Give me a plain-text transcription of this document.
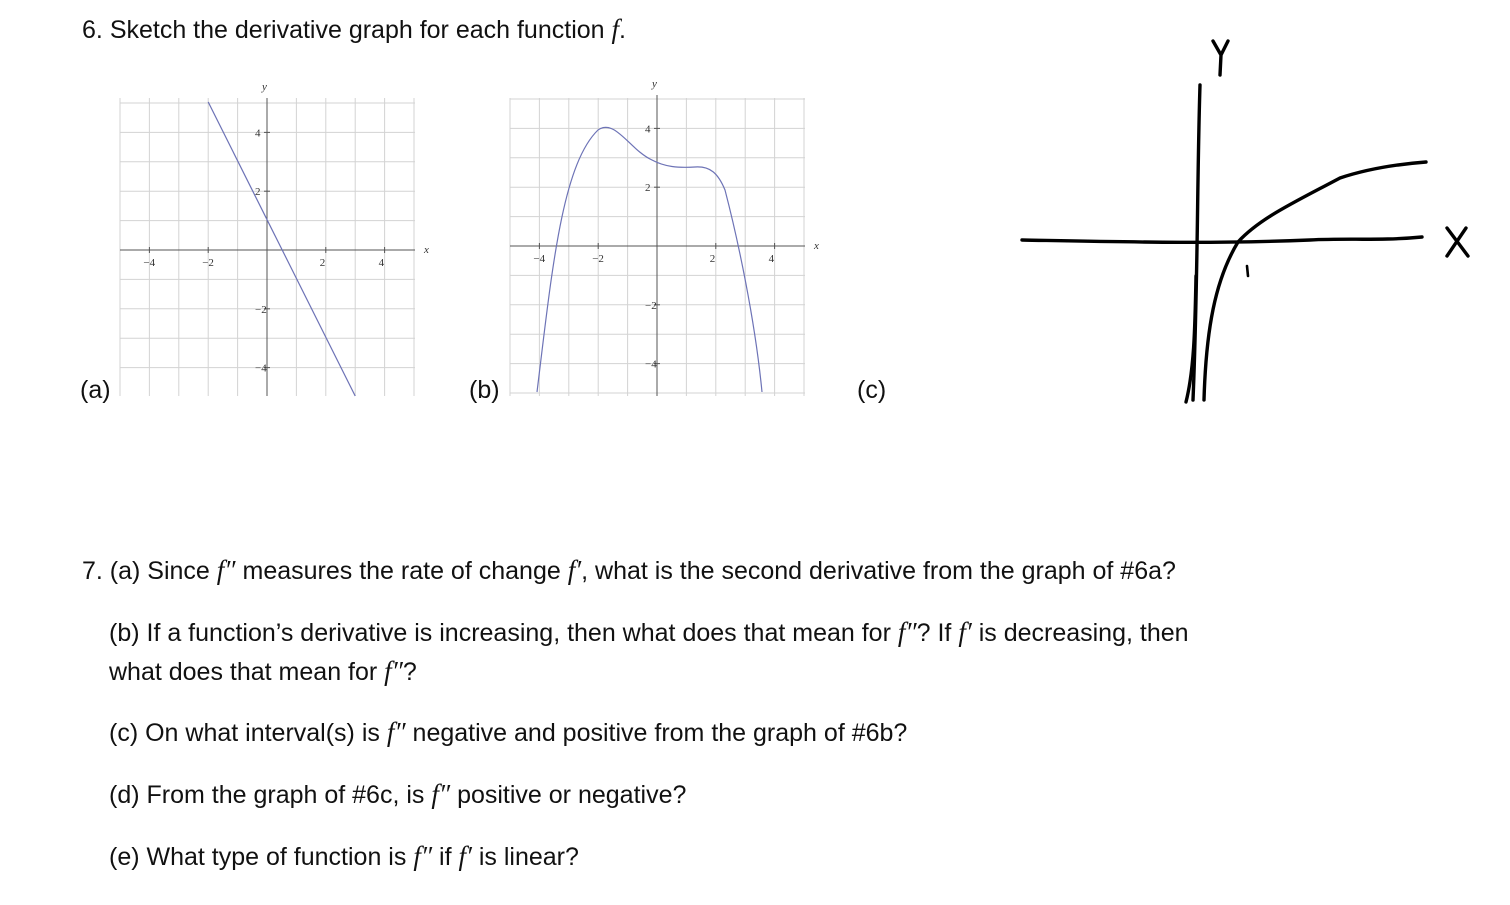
6. Sketch the derivative graph for each function f.
(a)	(b)	(c)
−4	−2	2	4
4
2
−2
−4
y
x
−4	−2	2	4
4
2
−2
−4
y
x

7. (a) Since f″ measures the rate of change f′, what is the second derivative from the graph of #6a?

(b) If a function’s derivative is increasing, then what does that mean for f″? If f′ is decreasing, then
what does that mean for f″?

(c) On what interval(s) is f″ negative and positive from the graph of #6b?

(d) From the graph of #6c, is f″ positive or negative?

(e) What type of function is f″ if f′ is linear?
